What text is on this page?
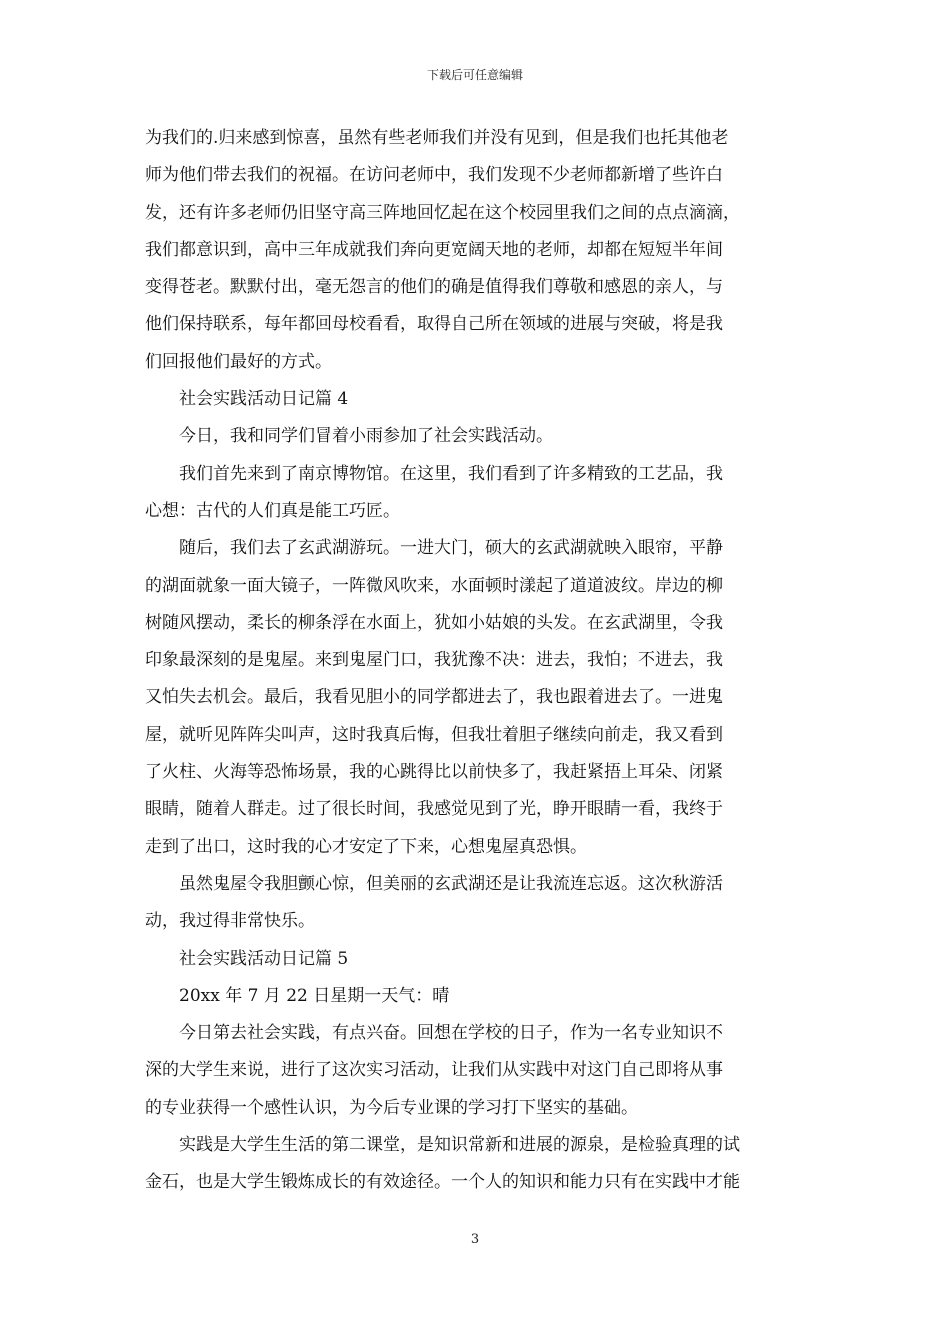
下载后可任意编辑
为我们的.归来感到惊喜，虽然有些老师我们并没有见到，但是我们也托其他老
师为他们带去我们的祝福。在访问老师中，我们发现不少老师都新增了些许白
发，还有许多老师仍旧坚守高三阵地回忆起在这个校园里我们之间的点点滴滴，
我们都意识到，高中三年成就我们奔向更宽阔天地的老师，却都在短短半年间
变得苍老。默默付出，毫无怨言的他们的确是值得我们尊敬和感恩的亲人，与
他们保持联系，每年都回母校看看，取得自己所在领域的进展与突破，将是我
们回报他们最好的方式。
社会实践活动日记篇 4
今日，我和同学们冒着小雨参加了社会实践活动。
我们首先来到了南京博物馆。在这里，我们看到了许多精致的工艺品，我
心想：古代的人们真是能工巧匠。
随后，我们去了玄武湖游玩。一进大门，硕大的玄武湖就映入眼帘，平静
的湖面就象一面大镜子，一阵微风吹来，水面顿时漾起了道道波纹。岸边的柳
树随风摆动，柔长的柳条浮在水面上，犹如小姑娘的头发。在玄武湖里，令我
印象最深刻的是鬼屋。来到鬼屋门口，我犹豫不决：进去，我怕；不进去，我
又怕失去机会。最后，我看见胆小的同学都进去了，我也跟着进去了。一进鬼
屋，就听见阵阵尖叫声，这时我真后悔，但我壮着胆子继续向前走，我又看到
了火柱、火海等恐怖场景，我的心跳得比以前快多了，我赶紧捂上耳朵、闭紧
眼睛，随着人群走。过了很长时间，我感觉见到了光，睁开眼睛一看，我终于
走到了出口，这时我的心才安定了下来，心想鬼屋真恐惧。
虽然鬼屋令我胆颤心惊，但美丽的玄武湖还是让我流连忘返。这次秋游活
动，我过得非常快乐。
社会实践活动日记篇 5
20xx 年 7 月 22 日星期一天气：晴
今日第去社会实践，有点兴奋。回想在学校的日子，作为一名专业知识不
深的大学生来说，进行了这次实习活动，让我们从实践中对这门自己即将从事
的专业获得一个感性认识，为今后专业课的学习打下坚实的基础。
实践是大学生生活的第二课堂，是知识常新和进展的源泉，是检验真理的试
金石，也是大学生锻炼成长的有效途径。一个人的知识和能力只有在实践中才能
3
